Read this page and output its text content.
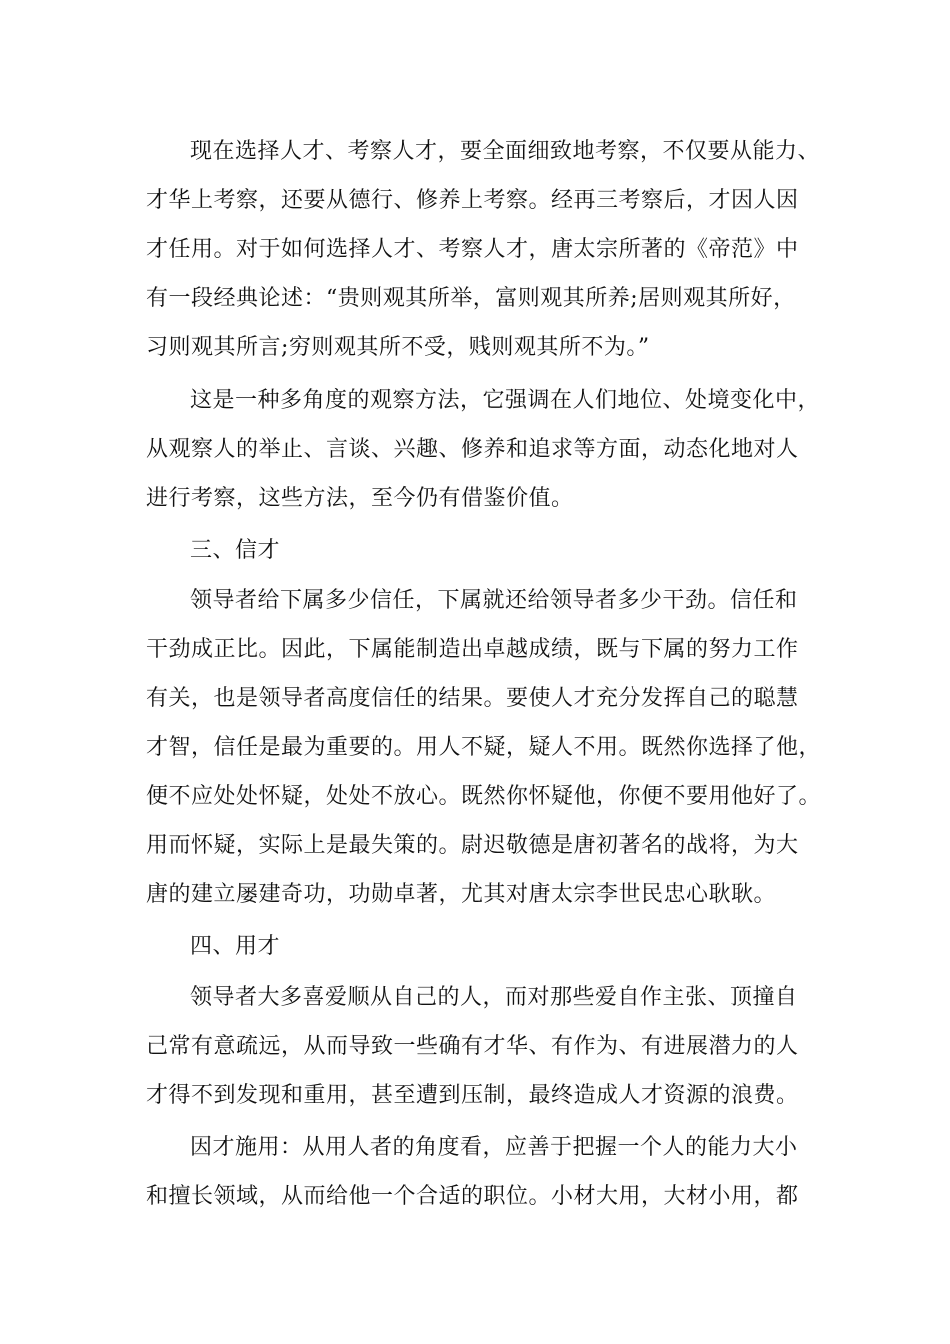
现在选择人才、考察人才，要全面细致地考察，不仅要从能力、
才华上考察，还要从德行、修养上考察。经再三考察后，才因人因
才任用。对于如何选择人才、考察人才，唐太宗所著的《帝范》中
有一段经典论述：“贵则观其所举，富则观其所养;居则观其所好，
习则观其所言;穷则观其所不受，贱则观其所不为。”
这是一种多角度的观察方法，它强调在人们地位、处境变化中，
从观察人的举止、言谈、兴趣、修养和追求等方面，动态化地对人
进行考察，这些方法，至今仍有借鉴价值。
三、信才
领导者给下属多少信任，下属就还给领导者多少干劲。信任和
干劲成正比。因此，下属能制造出卓越成绩，既与下属的努力工作
有关，也是领导者高度信任的结果。要使人才充分发挥自己的聪慧
才智，信任是最为重要的。用人不疑，疑人不用。既然你选择了他，
便不应处处怀疑，处处不放心。既然你怀疑他，你便不要用他好了。
用而怀疑，实际上是最失策的。尉迟敬德是唐初著名的战将，为大
唐的建立屡建奇功，功勋卓著，尤其对唐太宗李世民忠心耿耿。
四、用才
领导者大多喜爱顺从自己的人，而对那些爱自作主张、顶撞自
己常有意疏远，从而导致一些确有才华、有作为、有进展潜力的人
才得不到发现和重用，甚至遭到压制，最终造成人才资源的浪费。
因才施用：从用人者的角度看，应善于把握一个人的能力大小
和擅长领域，从而给他一个合适的职位。小材大用，大材小用，都
